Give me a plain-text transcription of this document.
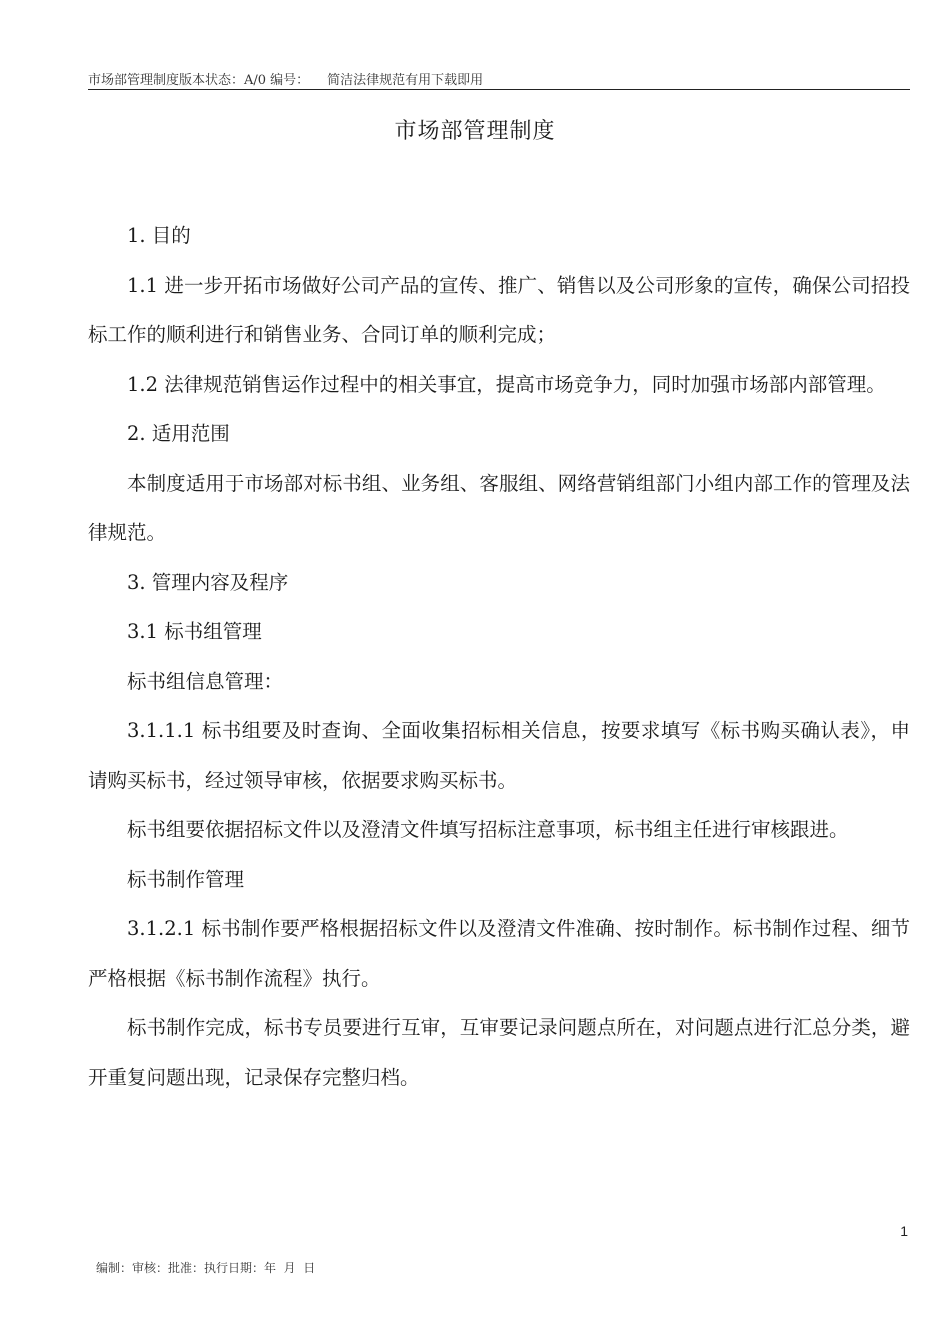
市场部管理制度版本状态：A/0 编号： 简洁法律规范有用下载即用
市场部管理制度

1. 目的

1.1 进一步开拓市场做好公司产品的宣传、推广、销售以及公司形象的宣传，确保公司招投标工作的顺利进行和销售业务、合同订单的顺利完成；

1.2 法律规范销售运作过程中的相关事宜，提高市场竞争力，同时加强市场部内部管理。

2. 适用范围

本制度适用于市场部对标书组、业务组、客服组、网络营销组部门小组内部工作的管理及法律规范。

3. 管理内容及程序

3.1 标书组管理

标书组信息管理：

3.1.1.1 标书组要及时查询、全面收集招标相关信息，按要求填写《标书购买确认表》，申请购买标书，经过领导审核，依据要求购买标书。

标书组要依据招标文件以及澄清文件填写招标注意事项，标书组主任进行审核跟进。

标书制作管理

3.1.2.1 标书制作要严格根据招标文件以及澄清文件准确、按时制作。标书制作过程、细节严格根据《标书制作流程》执行。

标书制作完成，标书专员要进行互审，互审要记录问题点所在，对问题点进行汇总分类，避开重复问题出现，记录保存完整归档。

1
编制：审核：批准：执行日期：年  月  日
